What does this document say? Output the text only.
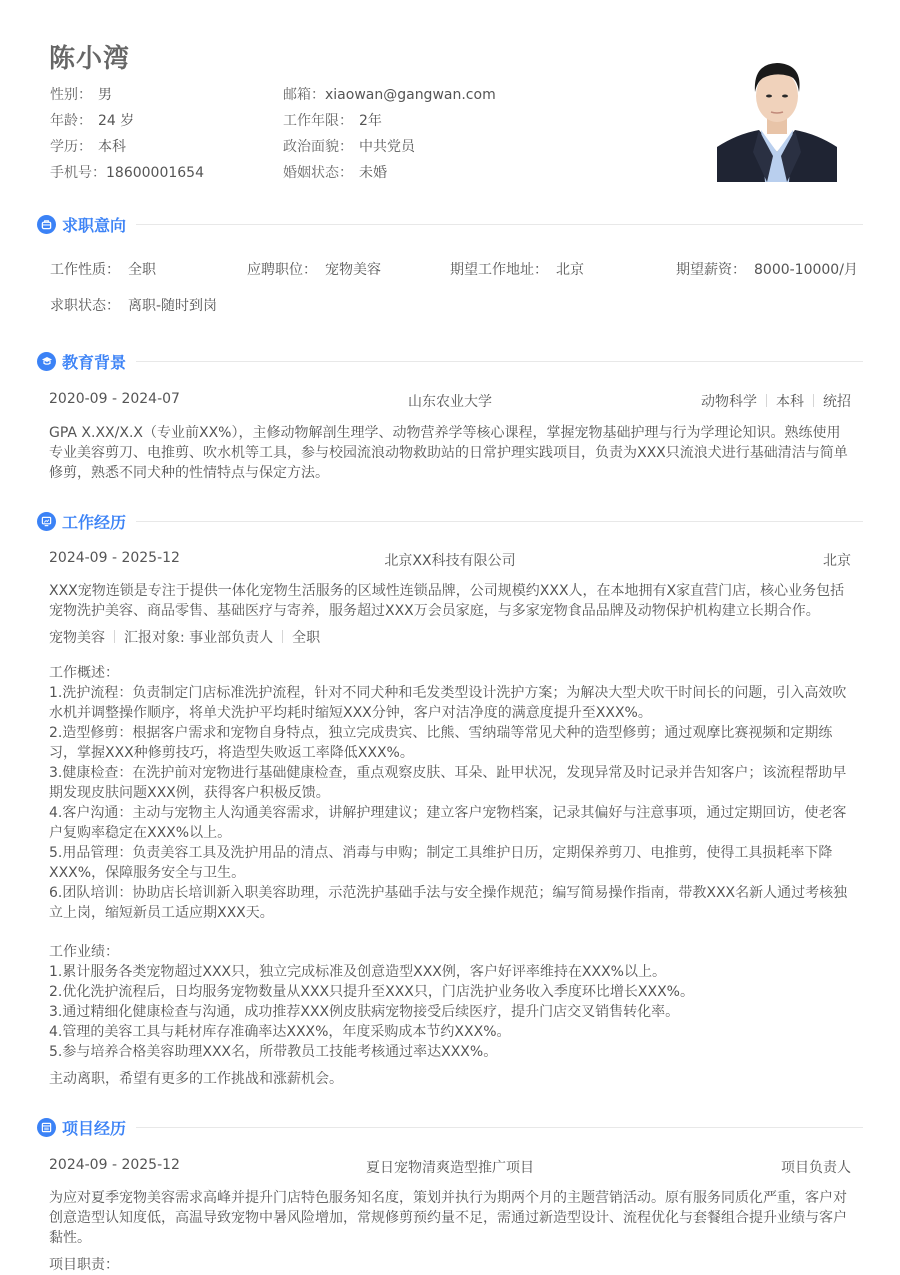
陈小湾
性别： 男
年龄： 24 岁
学历： 本科
手机号：18600001654
邮箱：xiaowan@gangwan.com
工作年限： 2年
政治面貌： 中共党员
婚姻状态： 未婚
求职意向
工作性质： 全职	应聘职位： 宠物美容	期望工作地址： 北京	期望薪资： 8000-10000/月
求职状态： 离职-随时到岗
教育背景
2020-09 - 2024-07	山东农业大学	动物科学 本科 统招

GPA X.XX/X.X（专业前XX%），主修动物解剖生理学、动物营养学等核心课程，掌握宠物基础护理与行为学理论知识。熟练使用专业美容剪刀、电推剪、吹水机等工具，参与校园流浪动物救助站的日常护理实践项目，负责为XXX只流浪犬进行基础清洁与简单修剪，熟悉不同犬种的性情特点与保定方法。

工作经历
2024-09 - 2025-12	北京XX科技有限公司	北京

XXX宠物连锁是专注于提供一体化宠物生活服务的区域性连锁品牌，公司规模约XXX人，在本地拥有X家直营门店，核心业务包括宠物洗护美容、商品零售、基础医疗与寄养，服务超过XXX万会员家庭，与多家宠物食品品牌及动物保护机构建立长期合作。

宠物美容 汇报对象: 事业部负责人 全职

工作概述：

1.洗护流程：负责制定门店标准洗护流程，针对不同犬种和毛发类型设计洗护方案；为解决大型犬吹干时间长的问题，引入高效吹水机并调整操作顺序，将单犬洗护平均耗时缩短XXX分钟，客户对洁净度的满意度提升至XXX%。

2.造型修剪：根据客户需求和宠物自身特点，独立完成贵宾、比熊、雪纳瑞等常见犬种的造型修剪；通过观摩比赛视频和定期练习，掌握XXX种修剪技巧，将造型失败返工率降低XXX%。

3.健康检查：在洗护前对宠物进行基础健康检查，重点观察皮肤、耳朵、趾甲状况，发现异常及时记录并告知客户；该流程帮助早期发现皮肤问题XXX例，获得客户积极反馈。

4.客户沟通：主动与宠物主人沟通美容需求，讲解护理建议；建立客户宠物档案，记录其偏好与注意事项，通过定期回访，使老客户复购率稳定在XXX%以上。

5.用品管理：负责美容工具及洗护用品的清点、消毒与申购；制定工具维护日历，定期保养剪刀、电推剪，使得工具损耗率下降XXX%，保障服务安全与卫生。

6.团队培训：协助店长培训新入职美容助理，示范洗护基础手法与安全操作规范；编写简易操作指南，带教XXX名新人通过考核独立上岗，缩短新员工适应期XXX天。

工作业绩：

1.累计服务各类宠物超过XXX只，独立完成标准及创意造型XXX例，客户好评率维持在XXX%以上。

2.优化洗护流程后，日均服务宠物数量从XXX只提升至XXX只，门店洗护业务收入季度环比增长XXX%。

3.通过精细化健康检查与沟通，成功推荐XXX例皮肤病宠物接受后续医疗，提升门店交叉销售转化率。

4.管理的美容工具与耗材库存准确率达XXX%，年度采购成本节约XXX%。

5.参与培养合格美容助理XXX名，所带教员工技能考核通过率达XXX%。

主动离职，希望有更多的工作挑战和涨薪机会。

项目经历
2024-09 - 2025-12	夏日宠物清爽造型推广项目	项目负责人

为应对夏季宠物美容需求高峰并提升门店特色服务知名度，策划并执行为期两个月的主题营销活动。原有服务同质化严重，客户对创意造型认知度低，高温导致宠物中暑风险增加，常规修剪预约量不足，需通过新造型设计、流程优化与套餐组合提升业绩与客户黏性。

项目职责：
